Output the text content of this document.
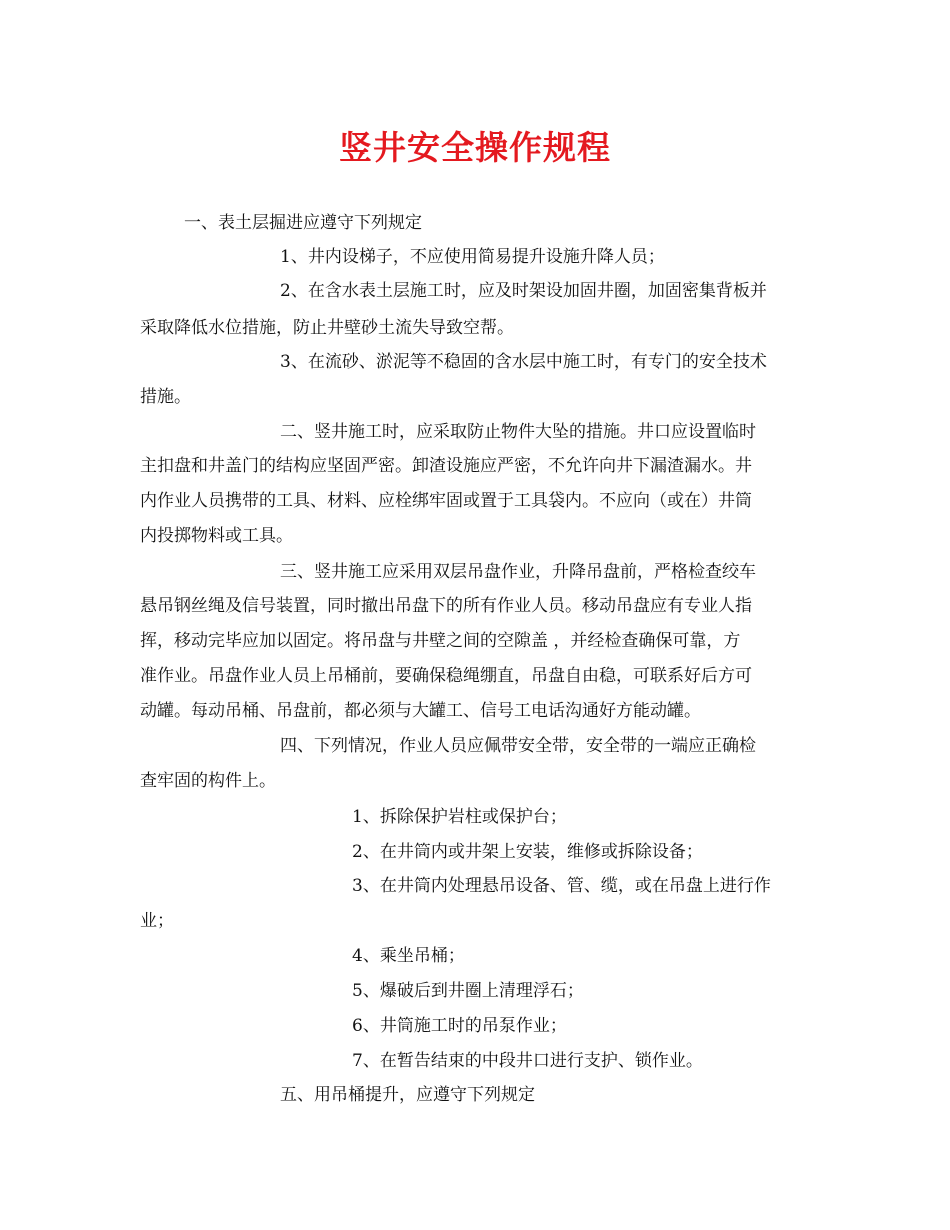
竖井安全操作规程
一、表土层掘进应遵守下列规定
1、井内设梯子，不应使用简易提升设施升降人员；
2、在含水表土层施工时，应及时架设加固井圈，加固密集背板并
采取降低水位措施，防止井壁砂土流失导致空帮。
3、在流砂、淤泥等不稳固的含水层中施工时，有专门的安全技术
措施。
二、竖井施工时，应采取防止物件大坠的措施。井口应设置临时
主扣盘和井盖门的结构应坚固严密。卸渣设施应严密，不允许向井下漏渣漏水。井
内作业人员携带的工具、材料、应栓绑牢固或置于工具袋内。不应向（或在）井筒
内投掷物料或工具。
三、竖井施工应采用双层吊盘作业，升降吊盘前，严格检查绞车
悬吊钢丝绳及信号装置，同时撤出吊盘下的所有作业人员。移动吊盘应有专业人指
挥，移动完毕应加以固定。将吊盘与井壁之间的空隙盖 ，并经检查确保可靠，方
准作业。吊盘作业人员上吊桶前，要确保稳绳绷直，吊盘自由稳，可联系好后方可
动罐。每动吊桶、吊盘前，都必须与大罐工、信号工电话沟通好方能动罐。
四、下列情况，作业人员应佩带安全带，安全带的一端应正确检
查牢固的构件上。
1、拆除保护岩柱或保护台；
2、在井筒内或井架上安装，维修或拆除设备；
3、在井筒内处理悬吊设备、管、缆，或在吊盘上进行作
业；
4、乘坐吊桶；
5、爆破后到井圈上清理浮石；
6、井筒施工时的吊泵作业；
7、在暂告结束的中段井口进行支护、锁作业。
五、用吊桶提升，应遵守下列规定
